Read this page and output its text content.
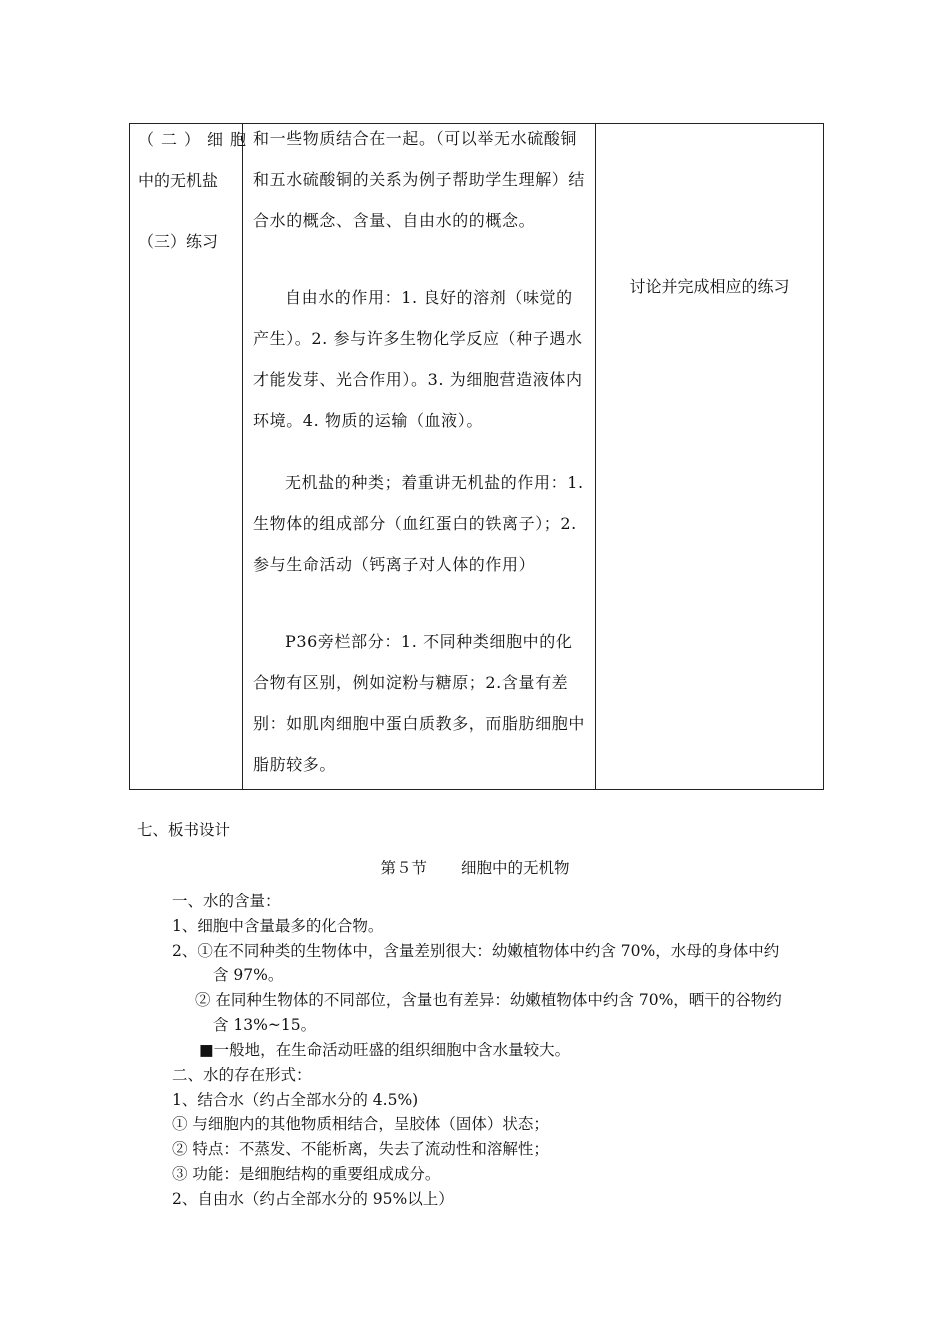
（二）细胞
中的无机盐
（三）练习
和一些物质结合在一起。（可以举无水硫酸铜和五水硫酸铜的关系为例子帮助学生理解）结合水的概念、含量、自由水的的概念。
自由水的作用：1. 良好的溶剂（味觉的产生）。2. 参与许多生物化学反应（种子遇水才能发芽、光合作用）。3. 为细胞营造液体内环境。4. 物质的运输（血液）。
无机盐的种类；着重讲无机盐的作用：1. 生物体的组成部分（血红蛋白的铁离子）；2. 参与生命活动（钙离子对人体的作用）
P36旁栏部分：1. 不同种类细胞中的化合物有区别，例如淀粉与糖原；2.含量有差别：如肌肉细胞中蛋白质教多，而脂肪细胞中脂肪较多。
讨论并完成相应的练习
七、板书设计
第５节 细胞中的无机物
一、水的含量：
1、细胞中含量最多的化合物。
2、①在不同种类的生物体中，含量差别很大：幼嫩植物体中约含 70%，水母的身体中约
含 97%。
② 在同种生物体的不同部位，含量也有差异：幼嫩植物体中约含 70%，晒干的谷物约
含 13%~15。
■一般地，在生命活动旺盛的组织细胞中含水量较大。
二、水的存在形式：
1、结合水（约占全部水分的 4.5%)
① 与细胞内的其他物质相结合，呈胶体（固体）状态；
② 特点：不蒸发、不能析离，失去了流动性和溶解性；
③ 功能：是细胞结构的重要组成成分。
2、自由水（约占全部水分的 95%以上）
